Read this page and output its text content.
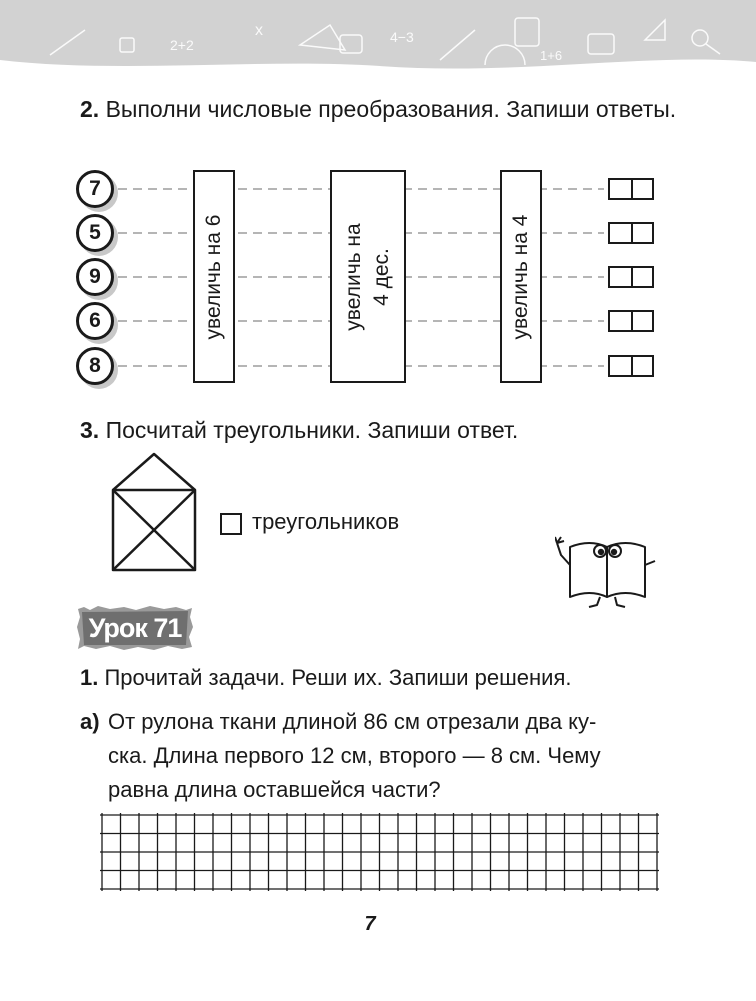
2+2
x	4−3
1+6
2. Выполни числовые преобразования. Запиши ответы.
7
5
9
6
8
увеличь на 6	увеличь на
4 дес.	увеличь на 4
3. Посчитай треугольники. Запиши ответ.
треугольников
Урок 71
1. Прочитай задачи. Реши их. Запиши решения.
а) От рулона ткани длиной 86 см отрезали два ку-
ска. Длина первого 12 см, второго — 8 см. Чему
равна длина оставшейся части?
7
